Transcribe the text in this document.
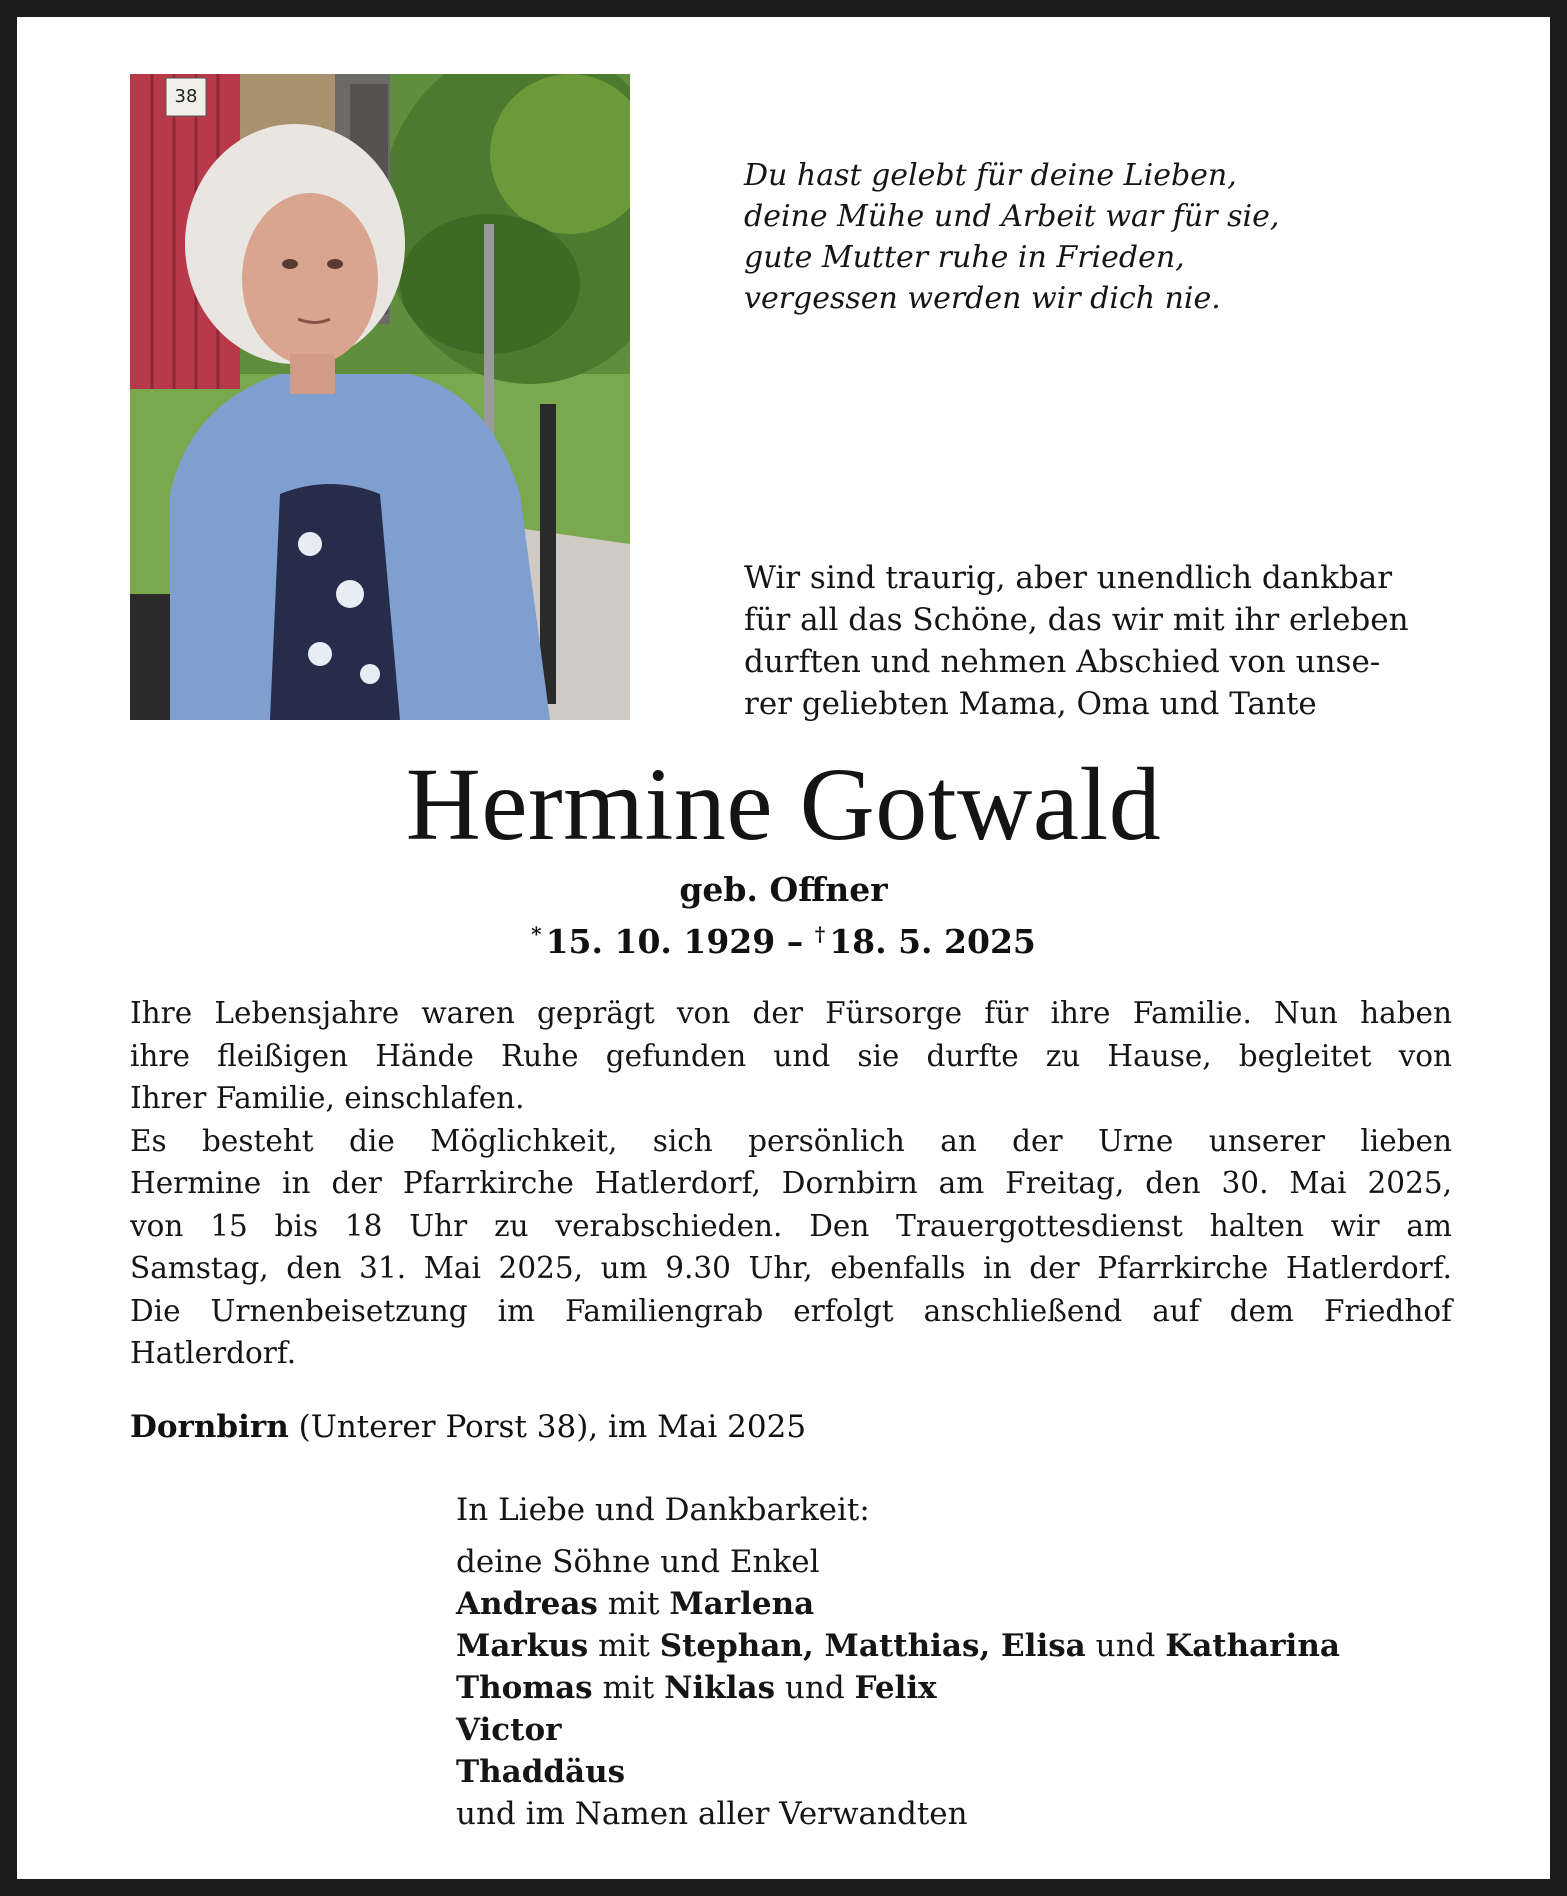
38
Du hast gelebt für deine Lieben,
deine Mühe und Arbeit war für sie,
gute Mutter ruhe in Frieden,
vergessen werden wir dich nie.
Wir sind traurig, aber unendlich dankbar
für all das Schöne, das wir mit ihr erleben
durften und nehmen Abschied von unse-
rer geliebten Mama, Oma und Tante
Hermine Gotwald
geb. Offner
* 15. 10. 1929 – † 18. 5. 2025
Ihre Lebensjahre waren geprägt von der Fürsorge für ihre Familie. Nun haben
ihre fleißigen Hände Ruhe gefunden und sie durfte zu Hause, begleitet von
Ihrer Familie, einschlafen.
Es besteht die Möglichkeit, sich persönlich an der Urne unserer lieben
Hermine in der Pfarrkirche Hatlerdorf, Dornbirn am Freitag, den 30. Mai 2025,
von 15 bis 18 Uhr zu verabschieden. Den Trauergottesdienst halten wir am
Samstag, den 31. Mai 2025, um 9.30 Uhr, ebenfalls in der Pfarrkirche Hatlerdorf.
Die Urnenbeisetzung im Familiengrab erfolgt anschließend auf dem Friedhof
Hatlerdorf.
Dornbirn (Unterer Porst 38), im Mai 2025
In Liebe und Dankbarkeit:
deine Söhne und Enkel
Andreas mit Marlena
Markus mit Stephan, Matthias, Elisa und Katharina
Thomas mit Niklas und Felix
Victor
Thaddäus
und im Namen aller Verwandten
